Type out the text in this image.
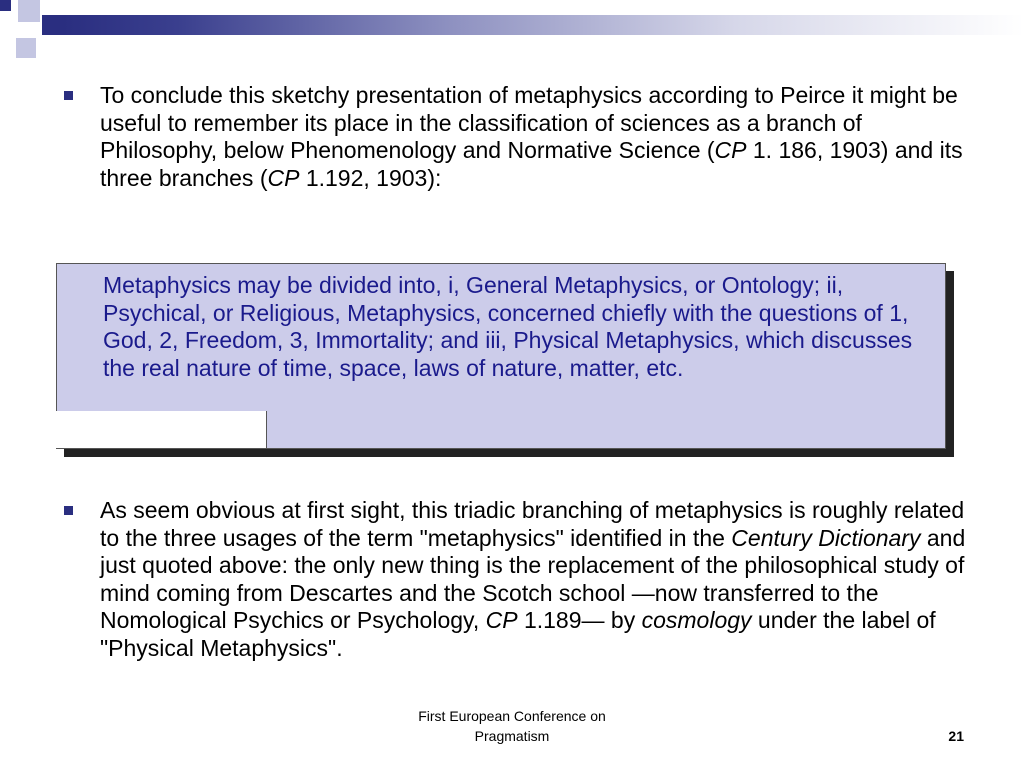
To conclude this sketchy presentation of metaphysics according to Peirce it might be useful to remember its place in the classification of sciences as a branch of Philosophy, below Phenomenology and Normative Science (CP 1. 186, 1903) and its three branches (CP 1.192, 1903):

Metaphysics may be divided into, i, General Metaphysics, or Ontology; ii, Psychical, or Religious, Metaphysics, concerned chiefly with the questions of 1, God, 2, Freedom, 3, Immortality; and iii, Physical Metaphysics, which discusses the real nature of time, space, laws of nature, matter, etc.

As seem obvious at first sight, this triadic branching of metaphysics is roughly related to the three usages of the term "metaphysics" identified in the Century Dictionary and just quoted above: the only new thing is the replacement of the philosophical study of mind coming from Descartes and the Scotch school —now transferred to the Nomological Psychics or Psychology, CP 1.189— by cosmology under the label of "Physical Metaphysics".

First European Conference on
Pragmatism	21
